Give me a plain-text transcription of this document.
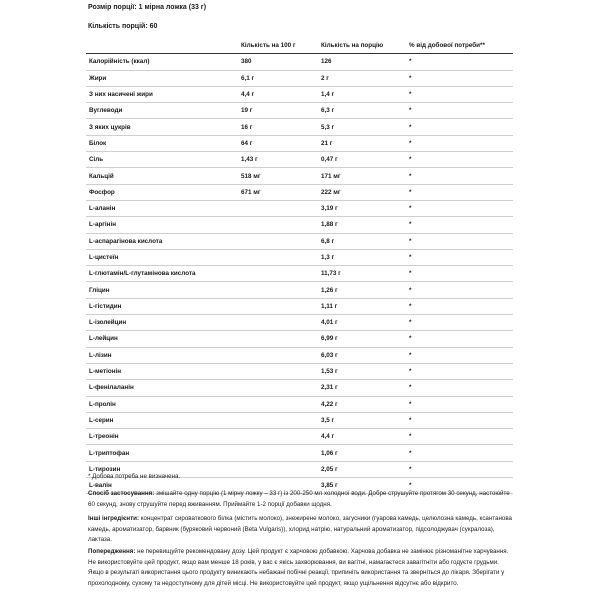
Розмір порції: 1 мірна ложка (33 г)
Кількість порцій: 60
	Кількість на 100 г	Кількість на порцію	% від добової потреби**
Калорійність (ккал)	380	126	*
Жири	6,1 г	2 г	*
З них насичені жири	4,4 г	1,4 г	*
Вуглеводи	19 г	6,3 г	*
З яких цукрів	16 г	5,3 г	*
Білок	64 г	21 г	*
Сіль	1,43 г	0,47 г	*
Кальцій	518 мг	171 мг	*
Фосфор	671 мг	222 мг	*
L-аланін		3,19 г	*
L-аргінін		1,88 г	*
L-аспарагінова кислота		6,8 г	*
L-цистеїн		1,3 г	*
L-глютамін/L-глутамінова кислота		11,73 г	*
Гліцин		1,26 г	*
L-гістидин		1,11 г	*
L-ізолейцин		4,01 г	*
L-лейцин		6,99 г	*
L-лізин		6,03 г	*
L-метіонін		1,53 г	*
L-фенілаланін		2,31 г	*
L-пролін		4,22 г	*
L-серин		3,5 г	*
L-треонін		4,4 г	*
L-триптофан		1,06 г	*
L-тирозин		2,05 г	*
L-валін		3,85 г	*
* Добова потреба не визначена.
Спосіб застосування: змішайте одну порцію (1 мірну ложку – 33 г) із 200-250 мл холодної води. Добре струшуйте протягом 30 секунд, настоюйте 60 секунд, знову струшуйте перед вживанням. Приймайте 1-2 порції добавки щодня.
Інші інгредієнти: концентрат сироваткового білка (містить молоко), знежирене молоко, загусники (гуарова камедь, целюлозна камедь, ксантанова камедь, ароматизатор, барвник (буряковий червоний (Beta Vulgaris)), хлорид натрію, натуральний ароматизатор, підсолоджувач (сукралоза), лактаза.
Попередження: не перевищуйте рекомендовану дозу. Цей продукт є харчовою добавкою. Харчова добавка не замінює різноманітне харчування. Не використовуйте цей продукт, якщо вам менше 18 років, у вас є якісь захворювання, ви вагітні, намагаєтеся завагітніти або годуєте грудьми. Якщо в результаті використання цього продукту виникають небажані побічні реакції, припиніть використання та зверніться до лікаря. Зберігати у прохолодному, сухому та недоступному для дітей місці. Не використовуйте цей продукт, якщо ущільнення відсутнє або відкрито.
